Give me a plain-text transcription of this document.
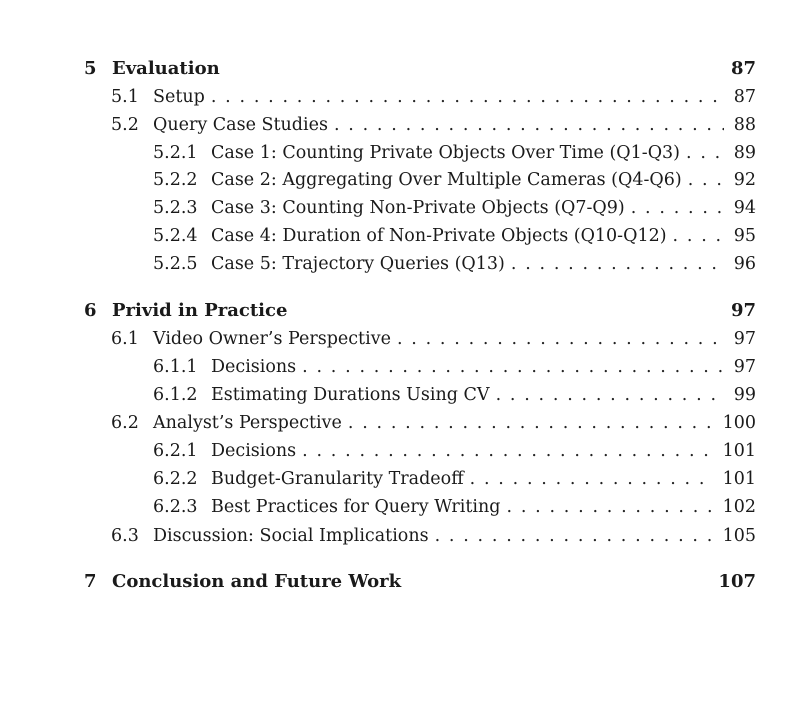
5 Evaluation	87
5.1 Setup . . .	87
5.2 Query Case Studies . . .	88
5.2.1 Case 1: Counting Private Objects Over Time (Q1-Q3) . . .	89
5.2.2 Case 2: Aggregating Over Multiple Cameras (Q4-Q6) . . .	92
5.2.3 Case 3: Counting Non-Private Objects (Q7-Q9) . . .	94
5.2.4 Case 4: Duration of Non-Private Objects (Q10-Q12) . . .	95
5.2.5 Case 5: Trajectory Queries (Q13) . . .	96
6 Privid in Practice	97
6.1 Video Owner’s Perspective . . .	97
6.1.1 Decisions . . .	97
6.1.2 Estimating Durations Using CV . . .	99
6.2 Analyst’s Perspective . . .	100
6.2.1 Decisions . . .	101
6.2.2 Budget-Granularity Tradeoff . . .	101
6.2.3 Best Practices for Query Writing . . .	102
6.3 Discussion: Social Implications . . .	105
7 Conclusion and Future Work	107
